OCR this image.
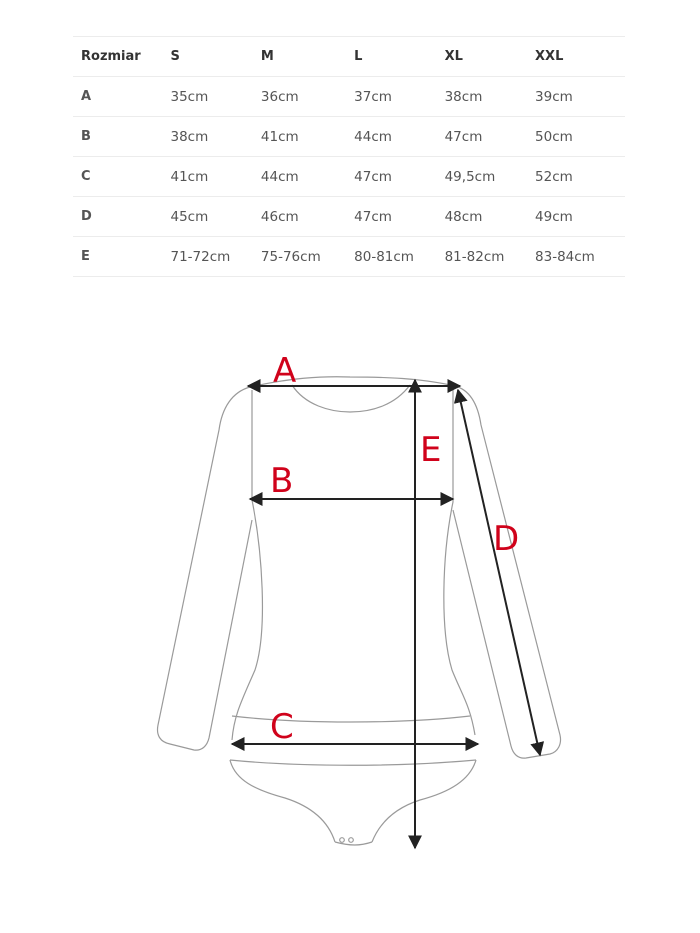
Rozmiar	S	M	L	XL	XXL
A	35cm	36cm	37cm	38cm	39cm
B	38cm	41cm	44cm	47cm	50cm
C	41cm	44cm	47cm	49,5cm	52cm
D	45cm	46cm	47cm	48cm	49cm
E	71-72cm	75-76cm	80-81cm	81-82cm	83-84cm
A
B
C
D
E
